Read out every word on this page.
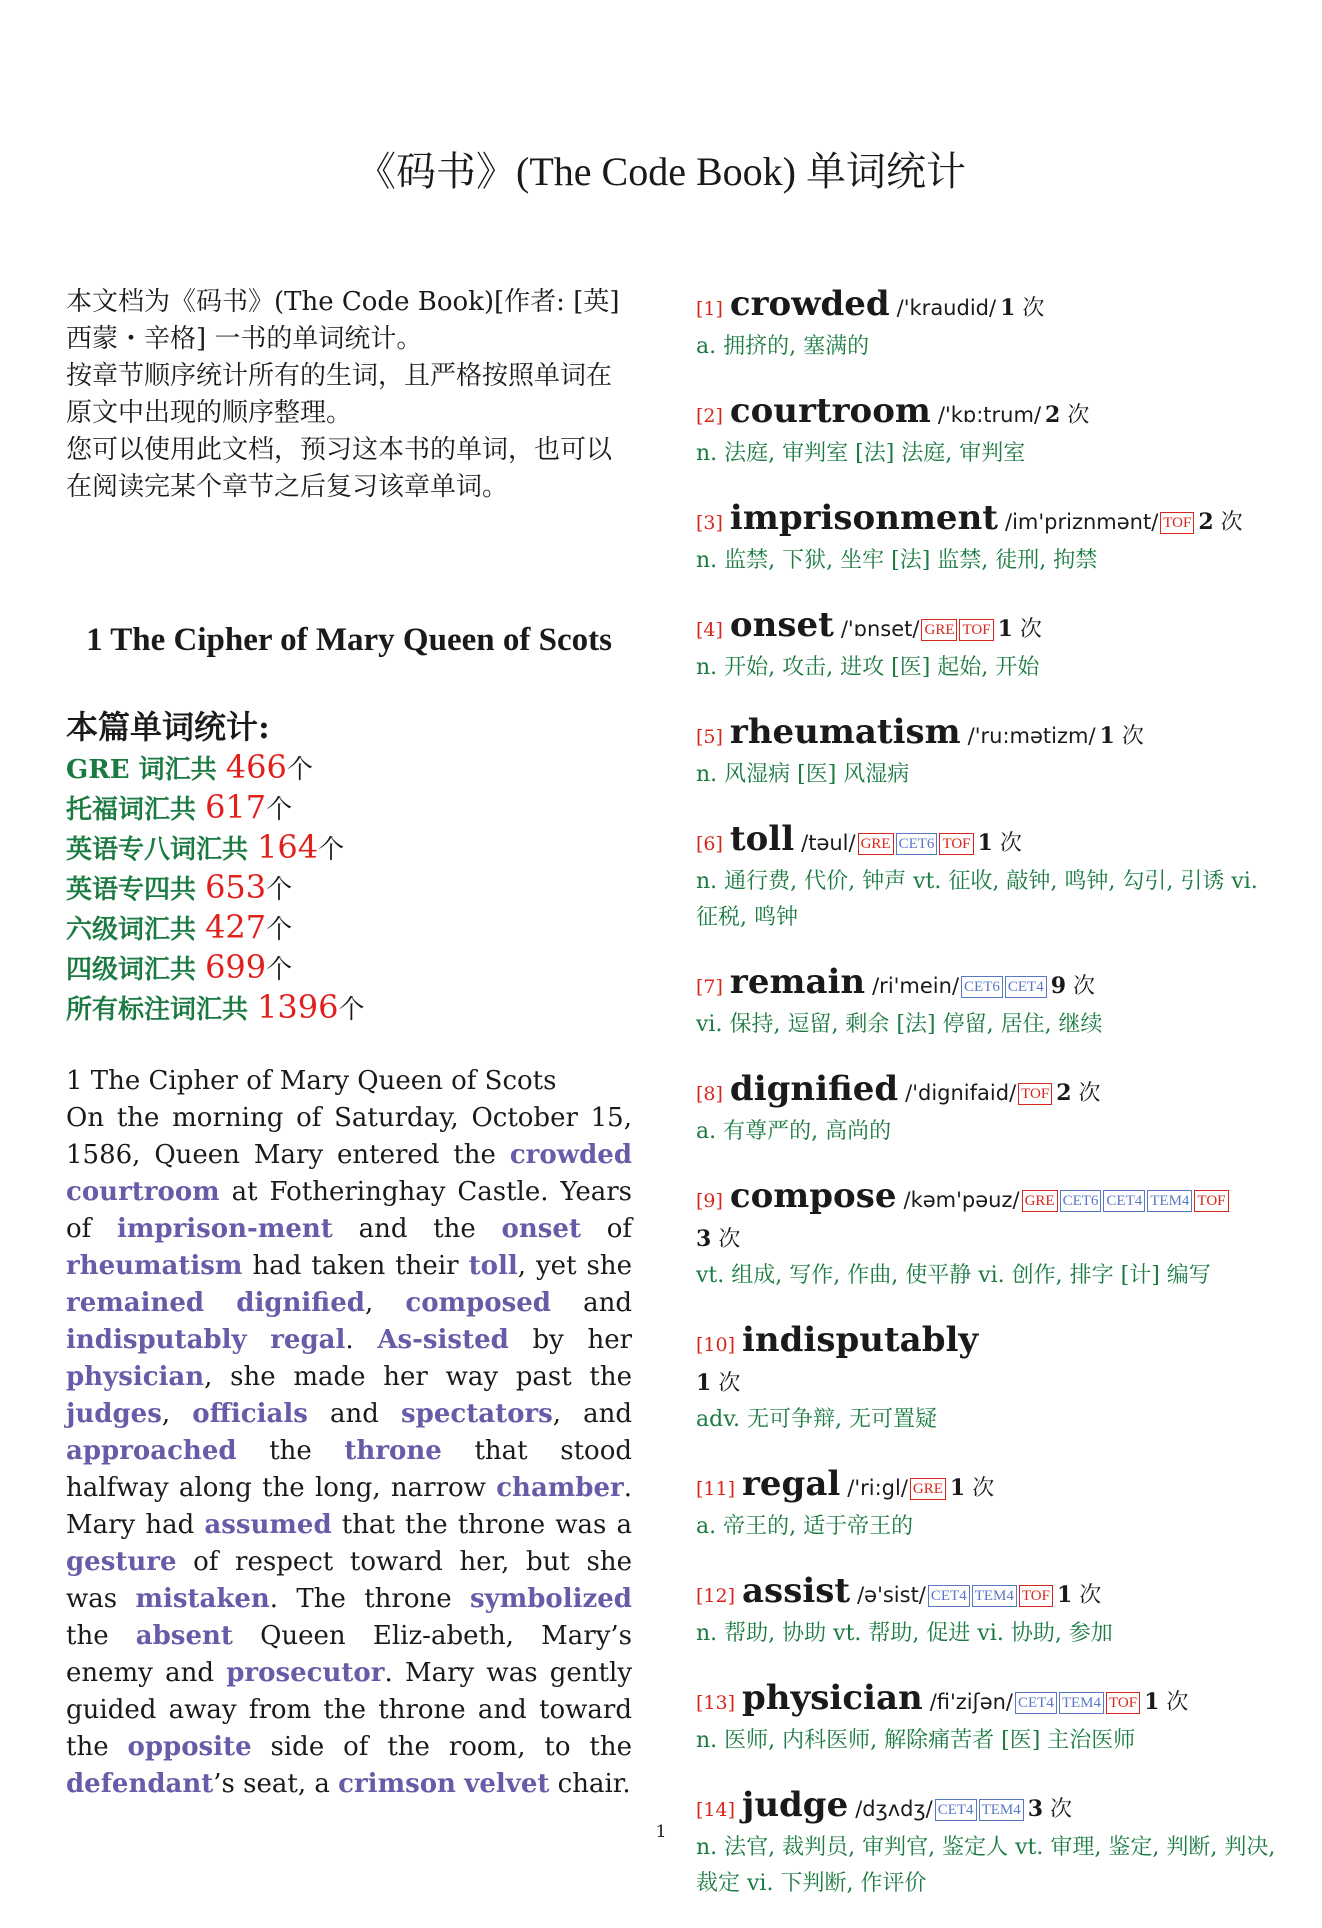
《码书》(The Code Book) 单词统计

本文档为《码书》(The Code Book)[作者: [英] 西蒙・辛格] 一书的单词统计。

按章节顺序统计所有的生词，且严格按照单词在原文中出现的顺序整理。

您可以使用此文档，预习这本书的单词，也可以在阅读完某个章节之后复习该章单词。

1 The Cipher of Mary Queen of Scots
本篇单词统计:
GRE 词汇共 466个
托福词汇共 617个
英语专八词汇共 164个
英语专四共 653个
六级词汇共 427个
四级词汇共 699个
所有标注词汇共 1396个
1 The Cipher of Mary Queen of Scots
On the morning of Saturday, October 15, 1586, Queen Mary entered the crowded courtroom at Fotheringhay Castle. Years of imprison-ment and the onset of rheumatism had taken their toll, yet she remained dignified, composed and indisputably regal. As-sisted by her physician, she made her way past the judges, officials and spectators, and approached the throne that stood halfway along the long, narrow chamber. Mary had assumed that the throne was a gesture of respect toward her, but she was mistaken. The throne symbolized the absent Queen Eliz-abeth, Mary’s enemy and prosecutor. Mary was gently guided away from the throne and toward the opposite side of the room, to the defendant’s seat, a crimson velvet chair.
[1] crowded /'kraudid/ 1 次
a. 拥挤的, 塞满的
[2] courtroom /'kɒ:trum/ 2 次
n. 法庭, 审判室 [法] 法庭, 审判室
[3] imprisonment /im'priznmənt/ TOF 2 次
n. 监禁, 下狱, 坐牢 [法] 监禁, 徒刑, 拘禁
[4] onset /'ɒnset/ GRE TOF 1 次
n. 开始, 攻击, 进攻 [医] 起始, 开始
[5] rheumatism /'ru:mətizm/ 1 次
n. 风湿病 [医] 风湿病
[6] toll /təul/ GRE CET6 TOF 1 次
n. 通行费, 代价, 钟声 vt. 征收, 敲钟, 鸣钟, 勾引, 引诱 vi. 征税, 鸣钟
[7] remain /ri'mein/ CET6 CET4 9 次
vi. 保持, 逗留, 剩余 [法] 停留, 居住, 继续
[8] dignified /'dignifaid/ TOF 2 次
a. 有尊严的, 高尚的
[9] compose /kəm'pəuz/ GRE CET6 CET4 TEM4 TOF
3 次
vt. 组成, 写作, 作曲, 使平静 vi. 创作, 排字 [计] 编写
[10] indisputably
1 次
adv. 无可争辩, 无可置疑
[11] regal /'ri:gl/ GRE 1 次
a. 帝王的, 适于帝王的
[12] assist /ə'sist/ CET4 TEM4 TOF 1 次
n. 帮助, 协助 vt. 帮助, 促进 vi. 协助, 参加
[13] physician /fi'ziʃən/ CET4 TEM4 TOF 1 次
n. 医师, 内科医师, 解除痛苦者 [医] 主治医师
[14] judge /dʒʌdʒ/ CET4 TEM4 3 次
n. 法官, 裁判员, 审判官, 鉴定人 vt. 审理, 鉴定, 判断, 判决, 裁定 vi. 下判断, 作评价
1
